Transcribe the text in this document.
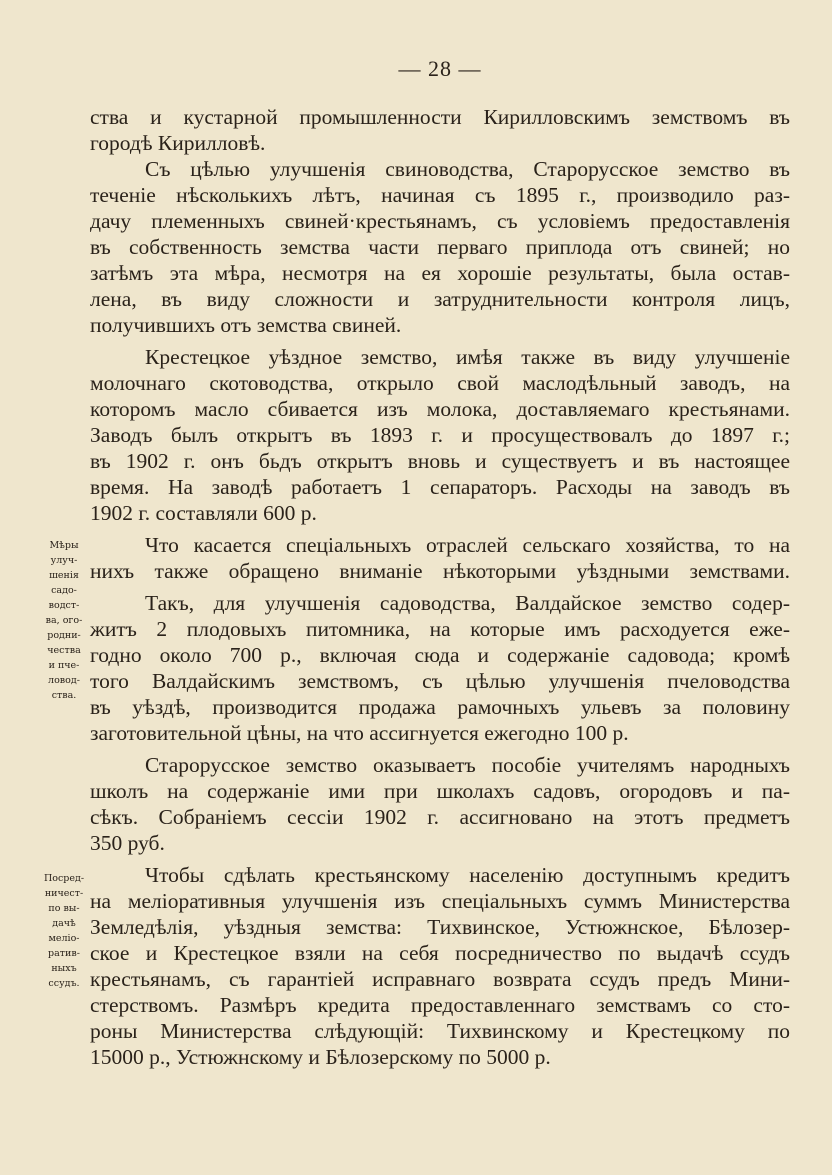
— 28 —
ства и кустарной промышленности Кирилловскимъ земствомъ въ
городѣ Кирилловѣ.
Съ цѣлью улучшенія свиноводства, Старорусское земство въ
теченіе нѣсколькихъ лѣтъ, начиная съ 1895 г., производило раз-
дачу племенныхъ свиней·крестьянамъ, съ условіемъ предоставленія
въ собственность земства части перваго приплода отъ свиней; но
затѣмъ эта мѣра, несмотря на ея хорошіе результаты, была остав-
лена, въ виду сложности и затруднительности контроля лицъ,
получившихъ отъ земства свиней.
Крестецкое уѣздное земство, имѣя также въ виду улучшеніе
молочнаго скотоводства, открыло свой маслодѣльный заводъ, на
которомъ масло сбивается изъ молока, доставляемаго крестьянами.
Заводъ былъ открытъ въ 1893 г. и просуществовалъ до 1897 г.;
въ 1902 г. онъ бьдъ открытъ вновь и существуетъ и въ настоящее
время. На заводѣ работаетъ 1 сепараторъ. Расходы на заводъ въ
1902 г. составляли 600 р.
Что касается спеціальныхъ отраслей сельскаго хозяйства, то на
нихъ также обращено вниманіе нѣкоторыми уѣздными земствами.
Такъ, для улучшенія садоводства, Валдайское земство содер-
житъ 2 плодовыхъ питомника, на которые имъ расходуется еже-
годно около 700 р., включая сюда и содержаніе садовода; кромѣ
того Валдайскимъ земствомъ, съ цѣлью улучшенія пчеловодства
въ уѣздѣ, производится продажа рамочныхъ ульевъ за половину
заготовительной цѣны, на что ассигнуется ежегодно 100 р.
Старорусское земство оказываетъ пособіе учителямъ народныхъ
школъ на содержаніе ими при школахъ садовъ, огородовъ и па-
сѣкъ. Собраніемъ сессіи 1902 г. ассигновано на этотъ предметъ
350 руб.
Чтобы сдѣлать крестьянскому населенію доступнымъ кредитъ
на меліоративныя улучшенія изъ спеціальныхъ суммъ Министерства
Земледѣлія, уѣздныя земства: Тихвинское, Устюжнское, Бѣлозер-
ское и Крестецкое взяли на себя посредничество по выдачѣ ссудъ
крестьянамъ, съ гарантіей исправнаго возврата ссудъ предъ Мини-
стерствомъ. Размѣръ кредита предоставленнаго земствамъ со сто-
роны Министерства слѣдующій: Тихвинскому и Крестецкому по
15000 р., Устюжнскому и Бѣлозерскому по 5000 р.
Мѣры
улуч-
шенія
садо-
водст-
ва, ого-
родни-
чества
и пче-
ловод-
ства.
Посред-
ничест-
по вы-
дачѣ
меліо-
ратив-
ныхъ
ссудъ.
